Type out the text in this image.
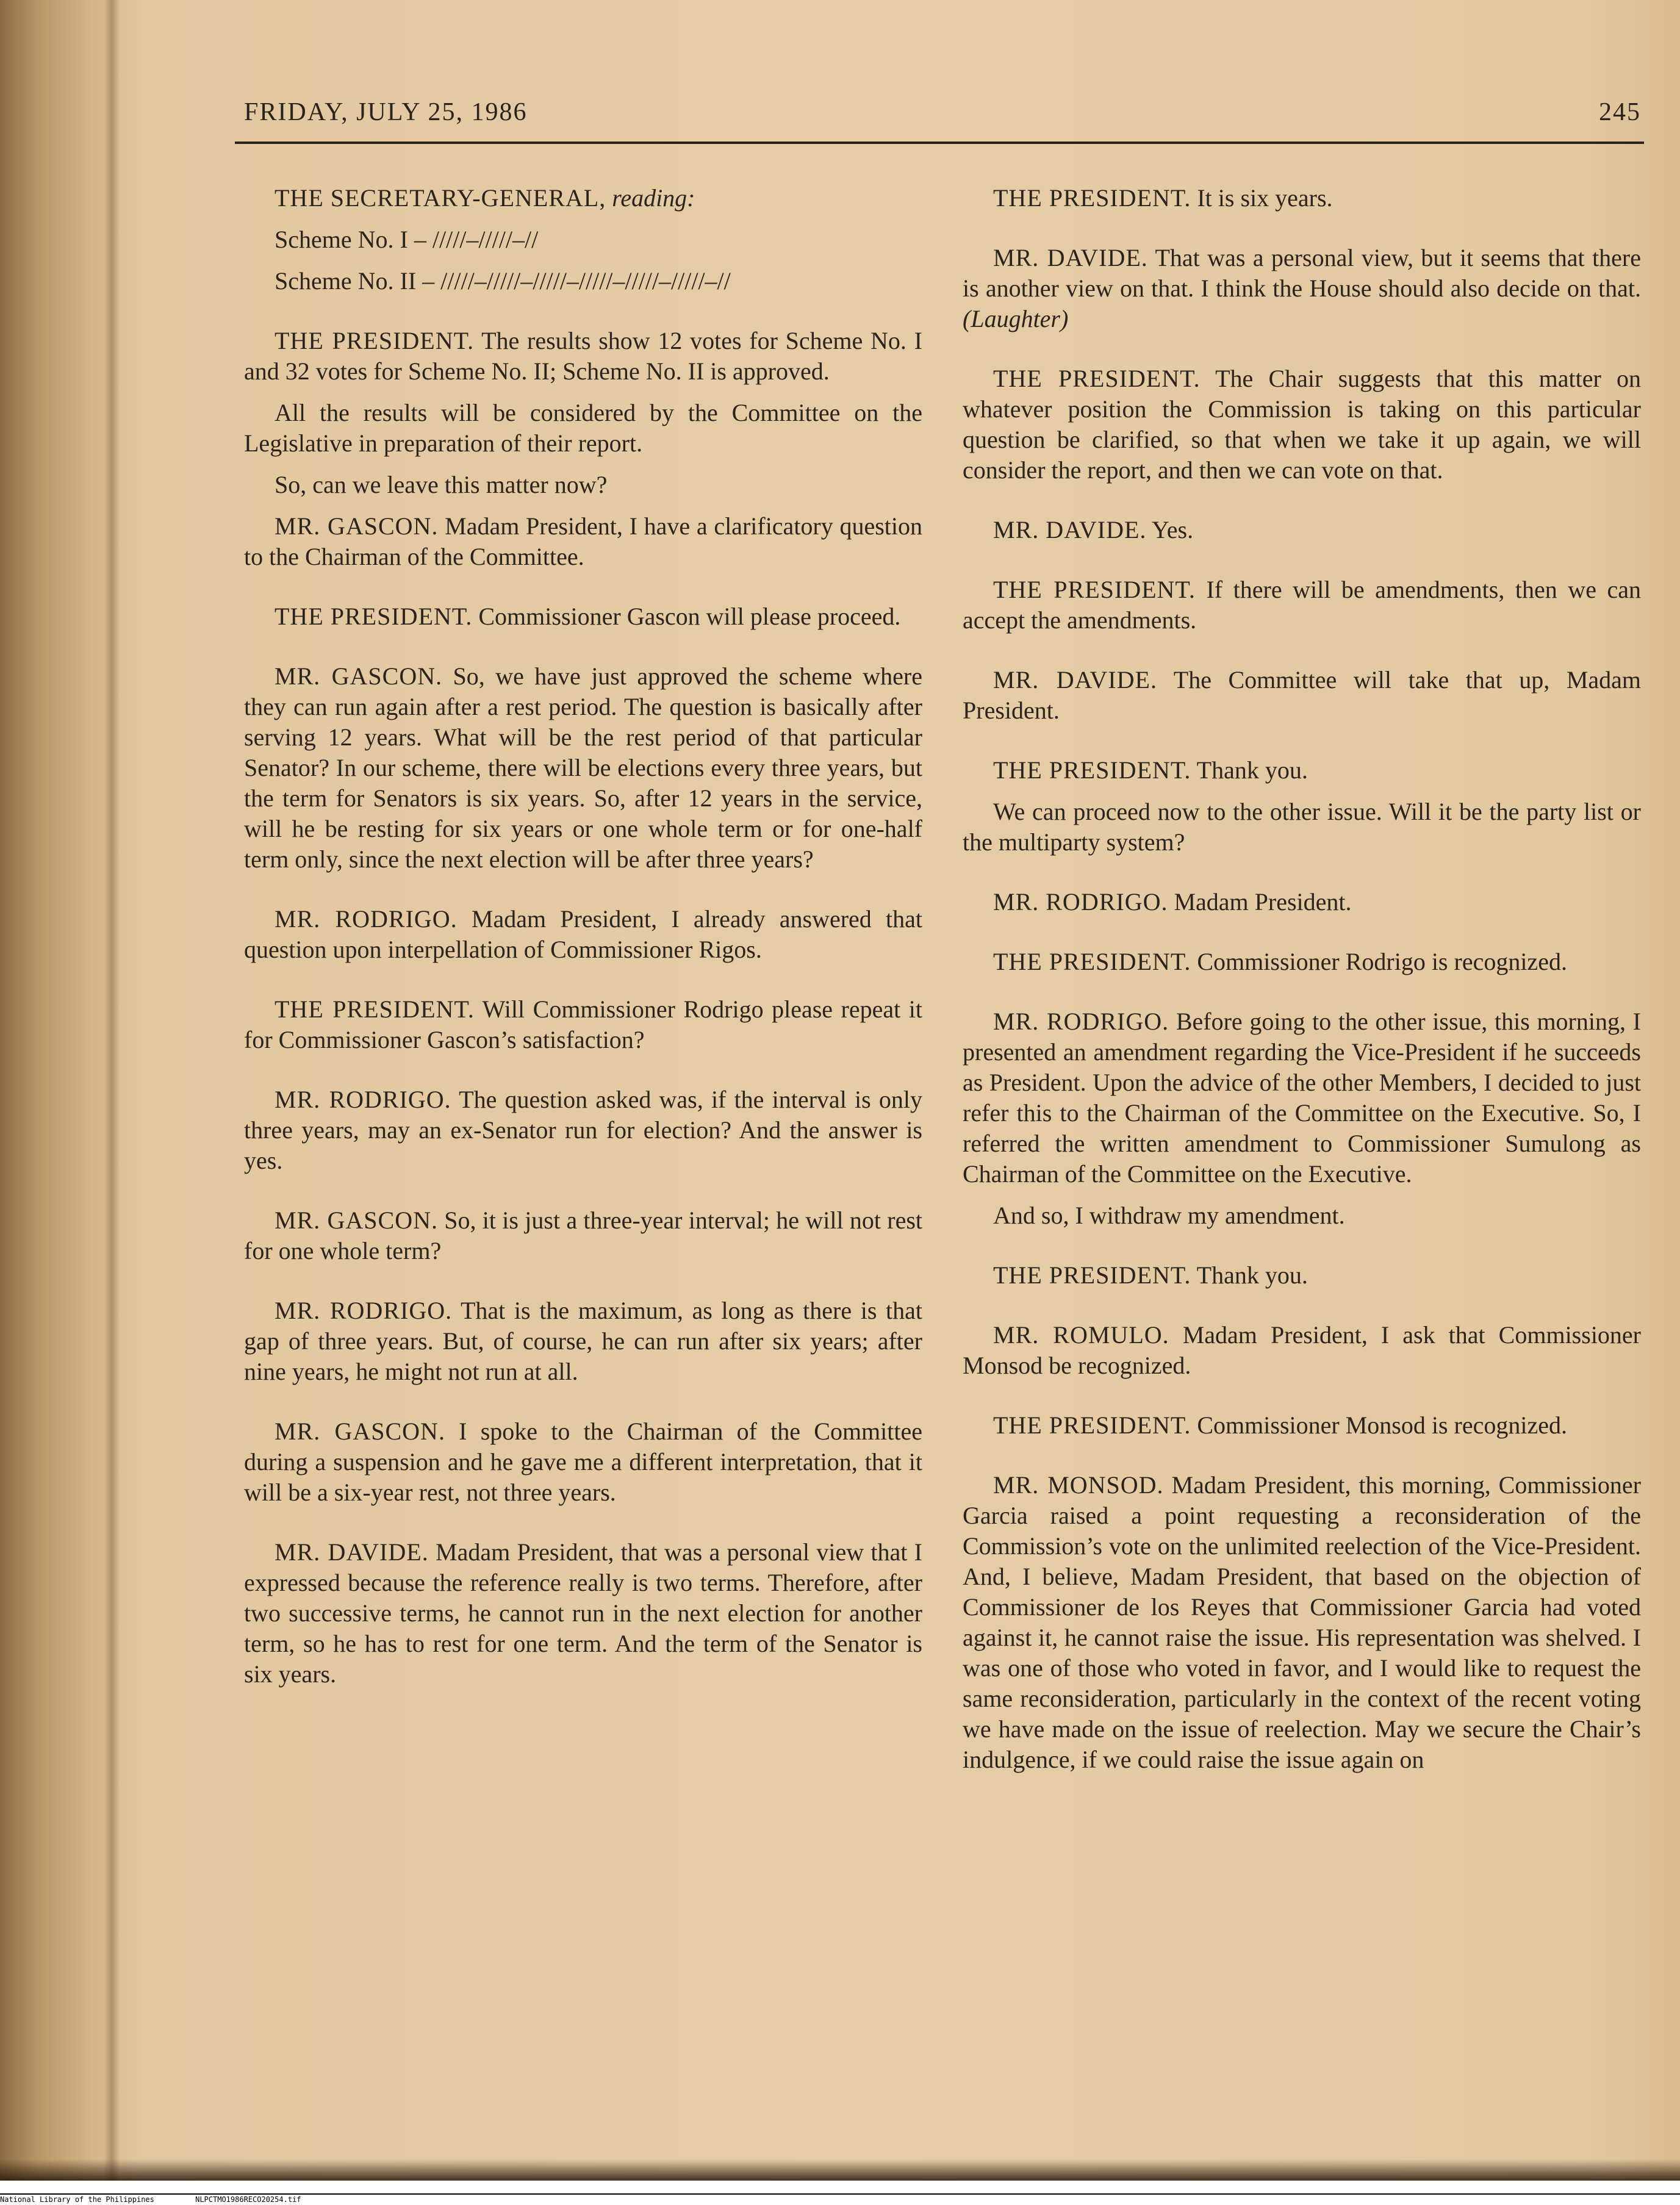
FRIDAY, JULY 25, 1986	245

THE SECRETARY-GENERAL, reading:

Scheme No. I – /////–/////–//

Scheme No. II – /////–/////–/////–/////–/////–/////–//

THE PRESIDENT. The results show 12 votes for Scheme No. I and 32 votes for Scheme No. II; Scheme No. II is approved.

All the results will be considered by the Committee on the Legislative in preparation of their report.

So, can we leave this matter now?

MR. GASCON. Madam President, I have a clarificatory question to the Chairman of the Committee.

THE PRESIDENT. Commissioner Gascon will please proceed.

MR. GASCON. So, we have just approved the scheme where they can run again after a rest period. The question is basically after serving 12 years. What will be the rest period of that particular Senator? In our scheme, there will be elections every three years, but the term for Senators is six years. So, after 12 years in the service, will he be resting for six years or one whole term or for one-half term only, since the next election will be after three years?

MR. RODRIGO. Madam President, I already answered that question upon interpellation of Commissioner Rigos.

THE PRESIDENT. Will Commissioner Rodrigo please repeat it for Commissioner Gascon’s satisfaction?

MR. RODRIGO. The question asked was, if the interval is only three years, may an ex-Senator run for election? And the answer is yes.

MR. GASCON. So, it is just a three-year interval; he will not rest for one whole term?

MR. RODRIGO. That is the maximum, as long as there is that gap of three years. But, of course, he can run after six years; after nine years, he might not run at all.

MR. GASCON. I spoke to the Chairman of the Committee during a suspension and he gave me a different interpretation, that it will be a six-year rest, not three years.

MR. DAVIDE. Madam President, that was a personal view that I expressed because the reference really is two terms. Therefore, after two successive terms, he cannot run in the next election for another term, so he has to rest for one term. And the term of the Senator is six years.

THE PRESIDENT. It is six years.

MR. DAVIDE. That was a personal view, but it seems that there is another view on that. I think the House should also decide on that. (Laughter)

THE PRESIDENT. The Chair suggests that this matter on whatever position the Commission is taking on this particular question be clarified, so that when we take it up again, we will consider the report, and then we can vote on that.

MR. DAVIDE. Yes.

THE PRESIDENT. If there will be amendments, then we can accept the amendments.

MR. DAVIDE. The Committee will take that up, Madam President.

THE PRESIDENT. Thank you.

We can proceed now to the other issue. Will it be the party list or the multiparty system?

MR. RODRIGO. Madam President.

THE PRESIDENT. Commissioner Rodrigo is recognized.

MR. RODRIGO. Before going to the other issue, this morning, I presented an amendment regarding the Vice-President if he succeeds as President. Upon the advice of the other Members, I decided to just refer this to the Chairman of the Committee on the Executive. So, I referred the written amendment to Commissioner Sumulong as Chairman of the Committee on the Executive.

And so, I withdraw my amendment.

THE PRESIDENT. Thank you.

MR. ROMULO. Madam President, I ask that Commissioner Monsod be recognized.

THE PRESIDENT. Commissioner Monsod is recognized.

MR. MONSOD. Madam President, this morning, Commissioner Garcia raised a point requesting a reconsideration of the Commission’s vote on the unlimited reelection of the Vice-President. And, I believe, Madam President, that based on the objection of Commissioner de los Reyes that Commissioner Garcia had voted against it, he cannot raise the issue. His representation was shelved. I was one of those who voted in favor, and I would like to request the same reconsideration, particularly in the context of the recent voting we have made on the issue of reelection. May we secure the Chair’s indulgence, if we could raise the issue again on

National Library of the Philippines	NLPCTMO1986RECO20254.tif
